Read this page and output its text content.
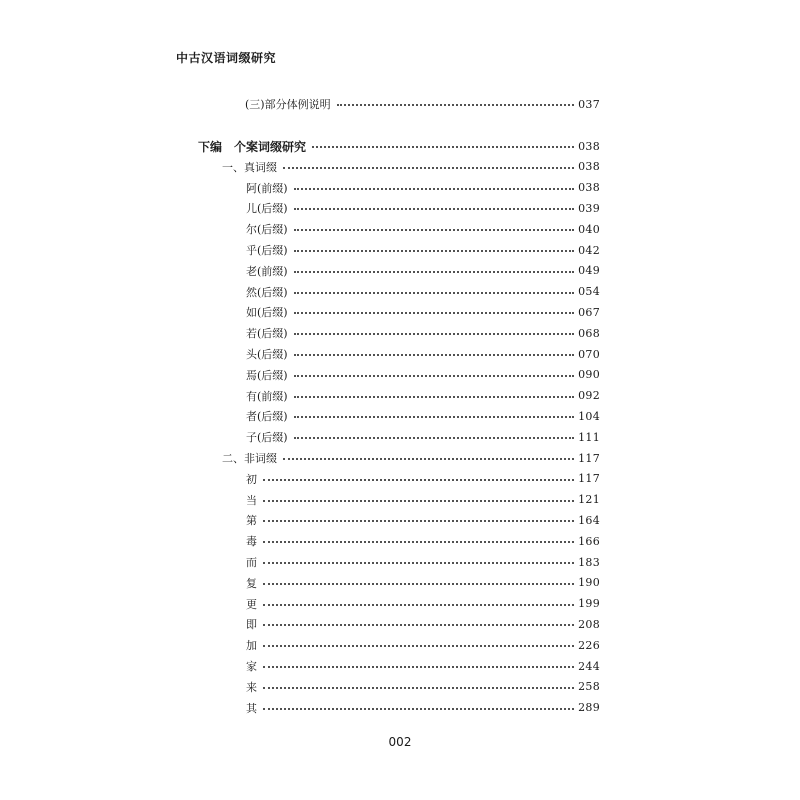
中古汉语词缀研究
(三)部分体例说明	037
下编 个案词缀研究	038
一、真词缀	038
阿(前缀)	038
儿(后缀)	039
尔(后缀)	040
乎(后缀)	042
老(前缀)	049
然(后缀)	054
如(后缀)	067
若(后缀)	068
头(后缀)	070
焉(后缀)	090
有(前缀)	092
者(后缀)	104
子(后缀)	111
二、非词缀	117
初	117
当	121
第	164
毒	166
而	183
复	190
更	199
即	208
加	226
家	244
来	258
其	289
002
